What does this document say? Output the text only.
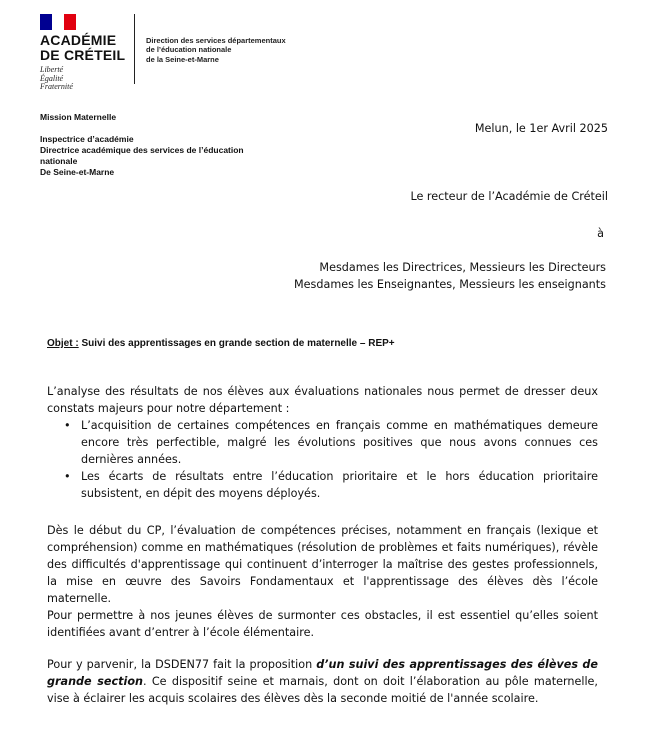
ACADÉMIE
DE CRÉTEIL
Liberté
Égalité
Fraternité
Direction des services départementaux
de l’éducation nationale
de la Seine-et-Marne
Mission Maternelle
Inspectrice d’académie
Directrice académique des services de l’éducation
nationale
De Seine-et-Marne
Melun, le 1er Avril 2025
Le recteur de l’Académie de Créteil
à
Mesdames les Directrices, Messieurs les Directeurs
Mesdames les Enseignantes, Messieurs les enseignants
Objet : Suivi des apprentissages en grande section de maternelle – REP+

L’analyse des résultats de nos élèves aux évaluations nationales nous permet de dresser deux constats majeurs pour notre département :

• L’acquisition de certaines compétences en français comme en mathématiques demeure encore très perfectible, malgré les évolutions positives que nous avons connues ces dernières années.
• Les écarts de résultats entre l’éducation prioritaire et le hors éducation prioritaire subsistent, en dépit des moyens déployés.

Dès le début du CP, l’évaluation de compétences précises, notamment en français (lexique et compréhension) comme en mathématiques (résolution de problèmes et faits numériques), révèle des difficultés d'apprentissage qui continuent d’interroger la maîtrise des gestes professionnels, la mise en œuvre des Savoirs Fondamentaux et l'apprentissage des élèves dès l’école maternelle.

Pour permettre à nos jeunes élèves de surmonter ces obstacles, il est essentiel qu’elles soient identifiées avant d’entrer à l’école élémentaire.

Pour y parvenir, la DSDEN77 fait la proposition d’un suivi des apprentissages des élèves de grande section. Ce dispositif seine et marnais, dont on doit l’élaboration au pôle maternelle, vise à éclairer les acquis scolaires des élèves dès la seconde moitié de l'année scolaire.
